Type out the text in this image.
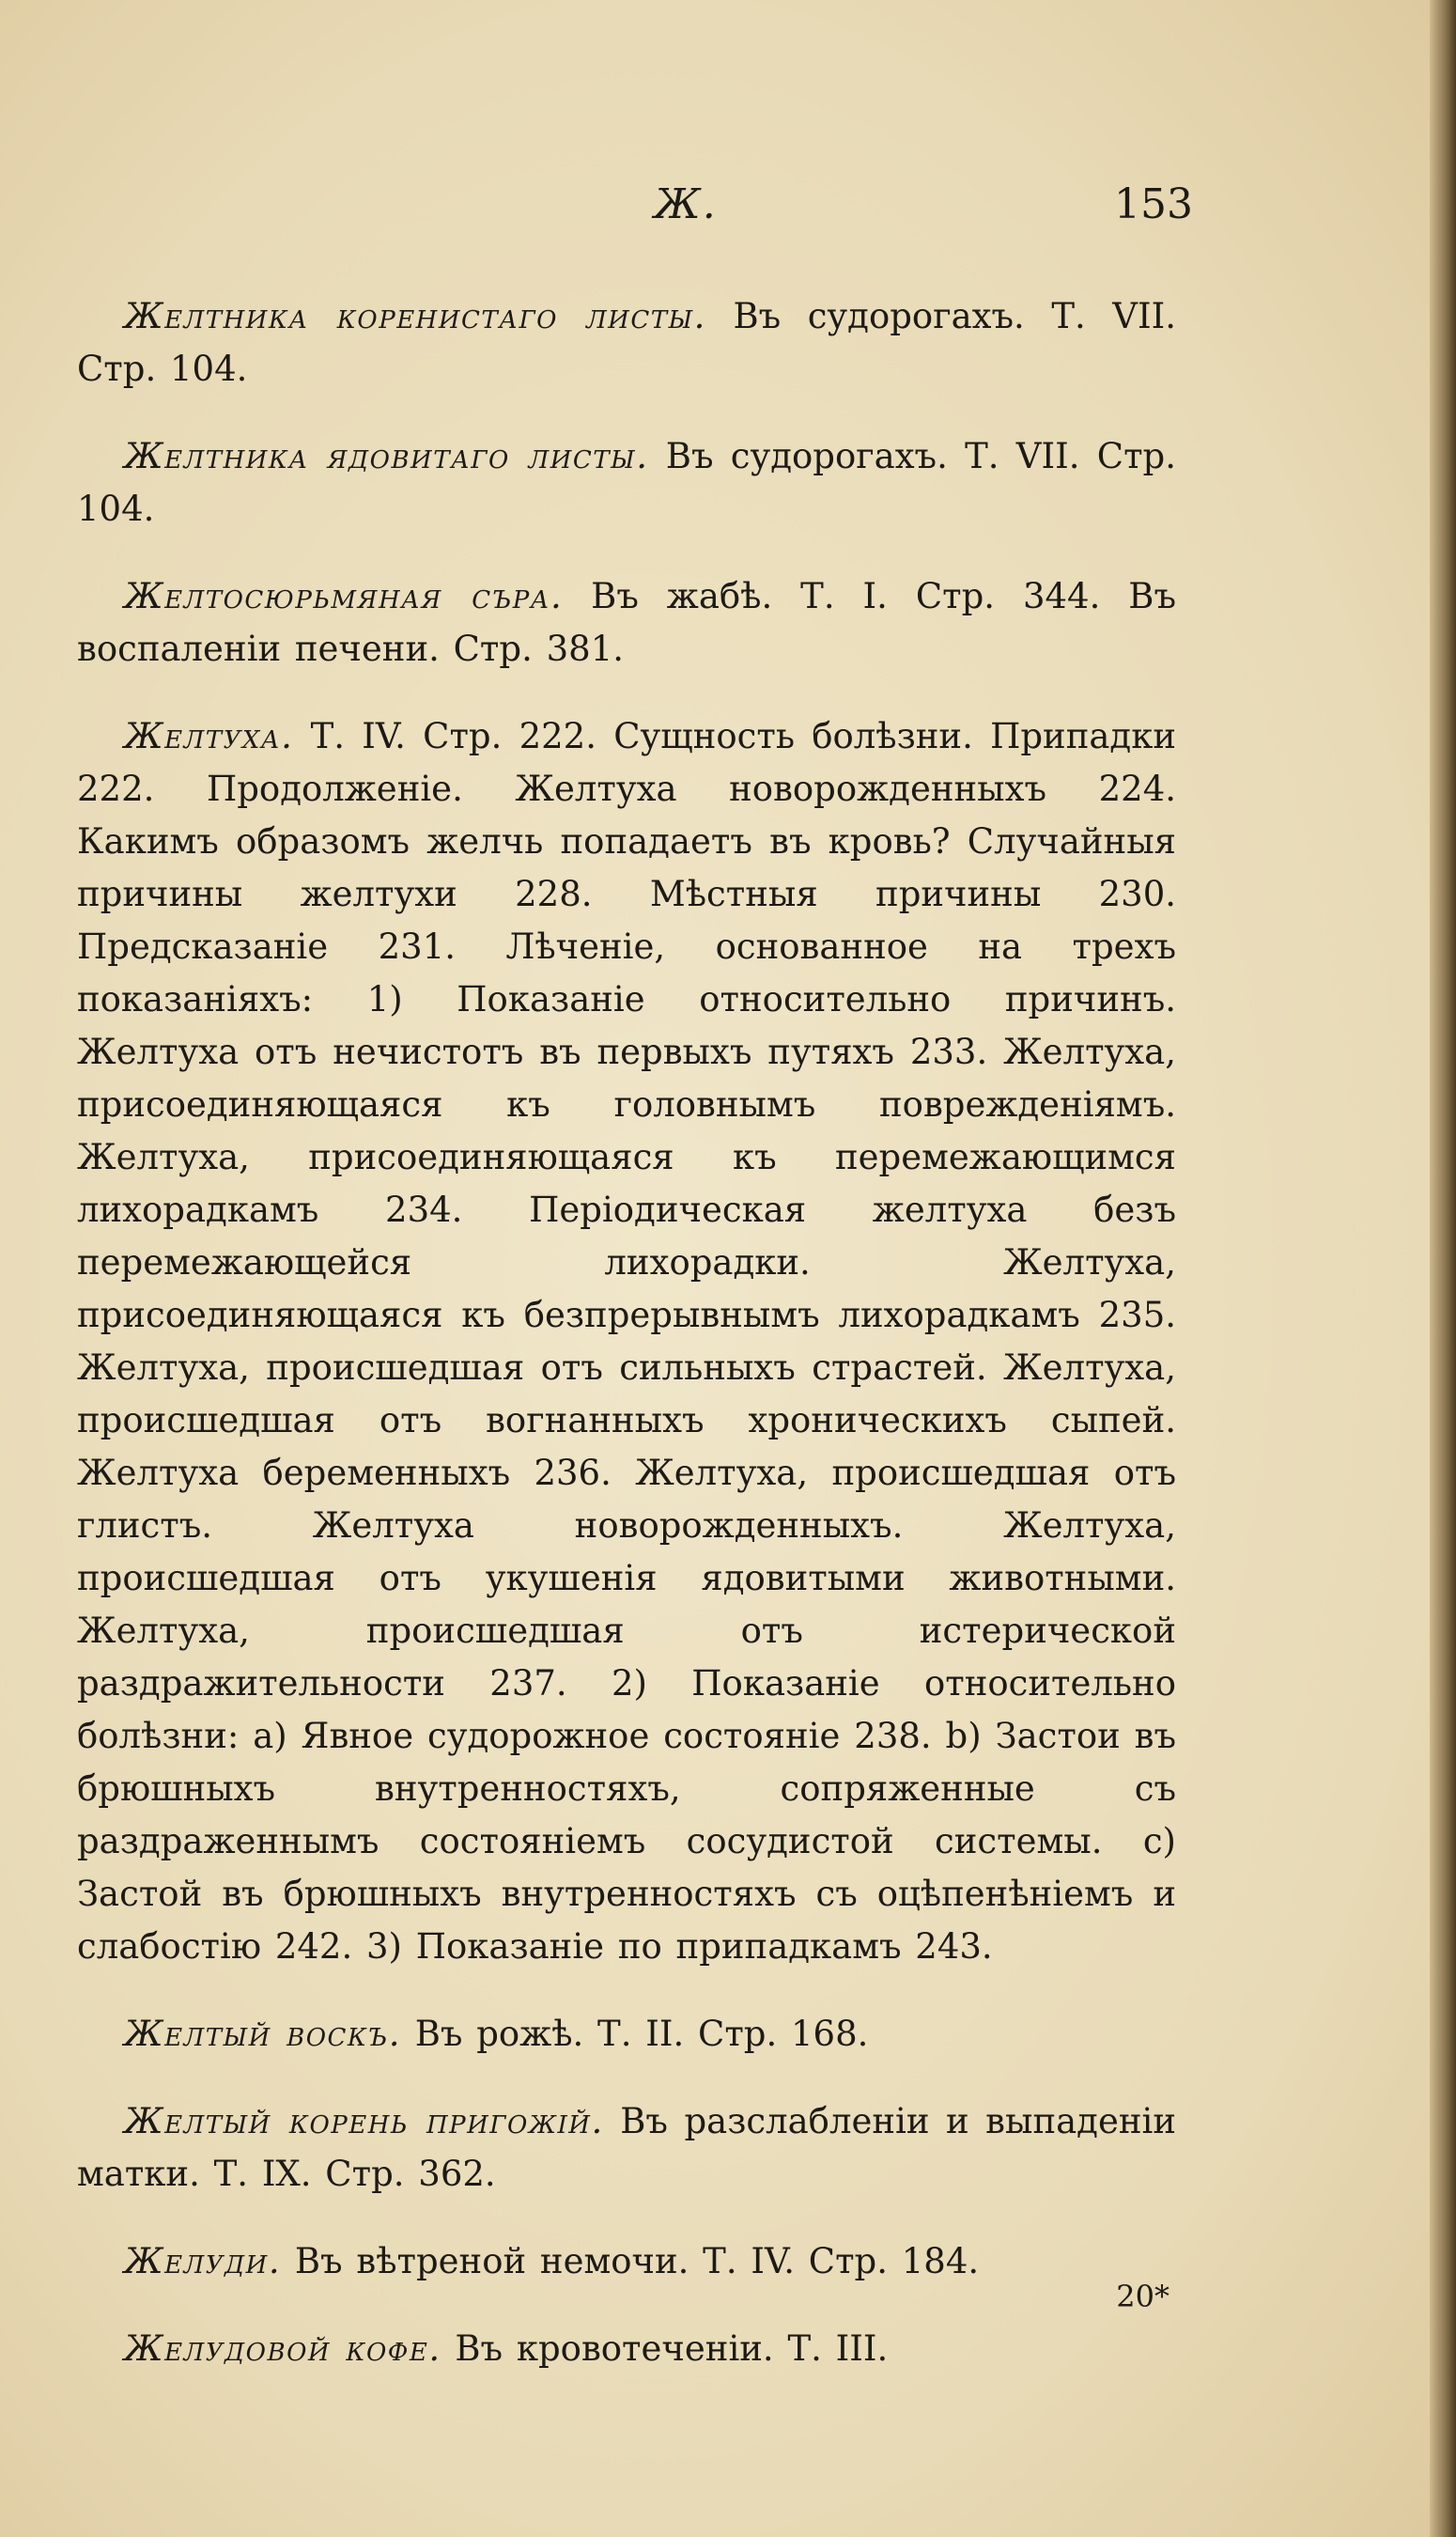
Ж.	153

Желтника коренистаго листы. Въ судорогахъ. Т. VII. Стр. 104.

Желтника ядовитаго листы. Въ судорогахъ. Т. VII. Стр. 104.

Желтосюрьмяная съра. Въ жабѣ. Т. I. Стр. 344. Въ воспаленіи печени. Стр. 381.

Желтуха. Т. IV. Стр. 222. Сущность болѣзни. Припадки 222. Продолженіе. Желтуха новорожденныхъ 224. Какимъ образомъ желчь попадаетъ въ кровь? Случайныя причины желтухи 228. Мѣстныя причины 230. Предсказаніе 231. Лѣченіе, основанное на трехъ показаніяхъ: 1) Показаніе относительно причинъ. Желтуха отъ нечистотъ въ первыхъ путяхъ 233. Желтуха, присоединяющаяся къ головнымъ поврежденіямъ. Желтуха, присоединяющаяся къ перемежающимся лихорадкамъ 234. Періодическая желтуха безъ перемежающейся лихорадки. Желтуха, присоединяющаяся къ безпрерывнымъ лихорадкамъ 235. Желтуха, происшедшая отъ сильныхъ страстей. Желтуха, происшедшая отъ вогнанныхъ хроническихъ сыпей. Желтуха беременныхъ 236. Желтуха, происшедшая отъ глистъ. Желтуха новорожденныхъ. Желтуха, происшедшая отъ укушенія ядовитыми животными. Желтуха, происшедшая отъ истерической раздражительности 237. 2) Показаніе относительно болѣзни: a) Явное судорожное состояніе 238. b) Застои въ брюшныхъ внутренностяхъ, сопряженные съ раздраженнымъ состояніемъ сосудистой системы. c) Застой въ брюшныхъ внутренностяхъ съ оцѣпенѣніемъ и слабостію 242. 3) Показаніе по припадкамъ 243.

Желтый воскъ. Въ рожѣ. Т. II. Стр. 168.

Желтый корень пригожій. Въ разслабленіи и выпаденіи матки. Т. IX. Стр. 362.

Желуди. Въ вѣтреной немочи. Т. IV. Стр. 184.

Желудовой кофе. Въ кровотеченіи. Т. III.

20*
